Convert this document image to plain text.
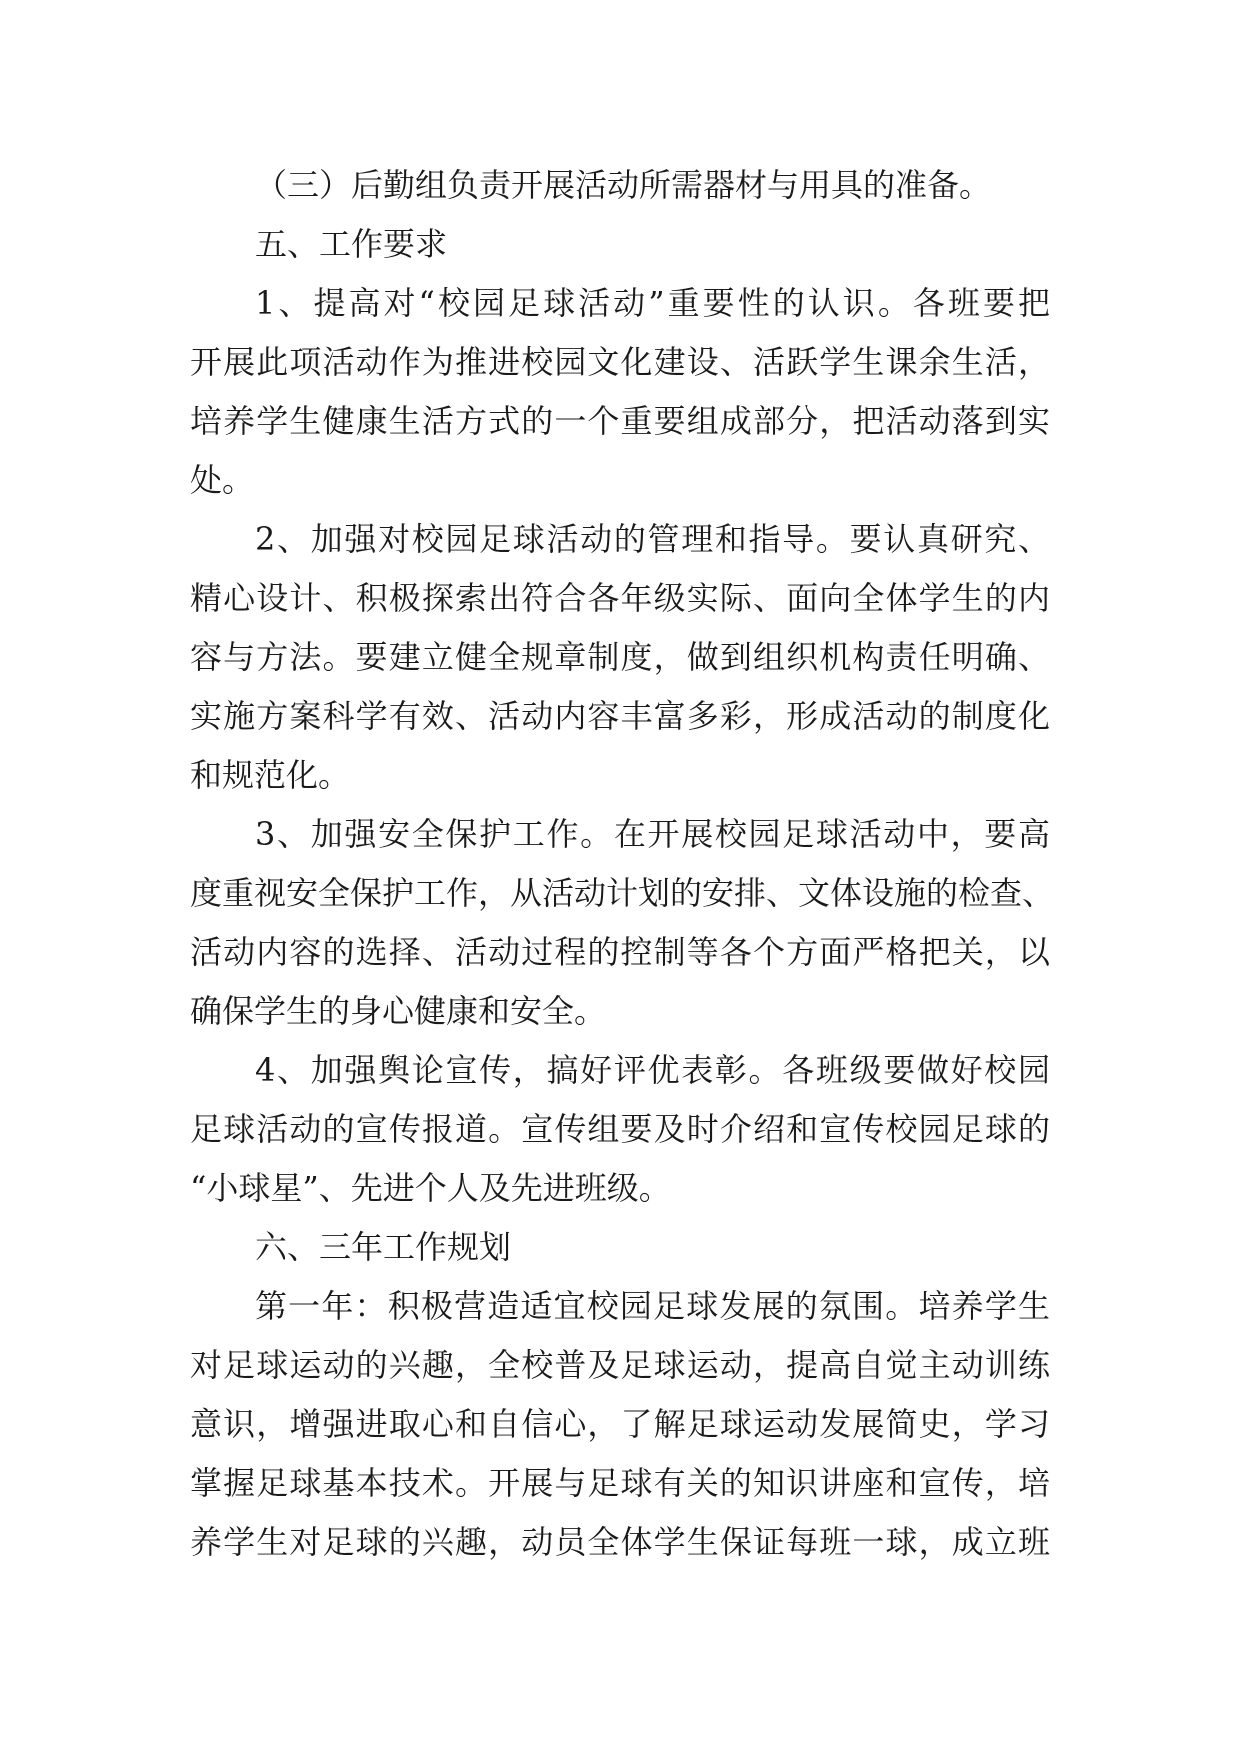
（三）后勤组负责开展活动所需器材与用具的准备。
五、工作要求
1、提高对“校园足球活动”重要性的认识。各班要把
开展此项活动作为推进校园文化建设、活跃学生课余生活，
培养学生健康生活方式的一个重要组成部分，把活动落到实
处。
2、加强对校园足球活动的管理和指导。要认真研究、
精心设计、积极探索出符合各年级实际、面向全体学生的内
容与方法。要建立健全规章制度，做到组织机构责任明确、
实施方案科学有效、活动内容丰富多彩，形成活动的制度化
和规范化。
3、加强安全保护工作。在开展校园足球活动中，要高
度重视安全保护工作，从活动计划的安排、文体设施的检查、
活动内容的选择、活动过程的控制等各个方面严格把关，以
确保学生的身心健康和安全。
4、加强舆论宣传，搞好评优表彰。各班级要做好校园
足球活动的宣传报道。宣传组要及时介绍和宣传校园足球的
“小球星”、先进个人及先进班级。
六、三年工作规划
第一年：积极营造适宜校园足球发展的氛围。培养学生
对足球运动的兴趣，全校普及足球运动，提高自觉主动训练
意识，增强进取心和自信心，了解足球运动发展简史，学习
掌握足球基本技术。开展与足球有关的知识讲座和宣传，培
养学生对足球的兴趣，动员全体学生保证每班一球，成立班
